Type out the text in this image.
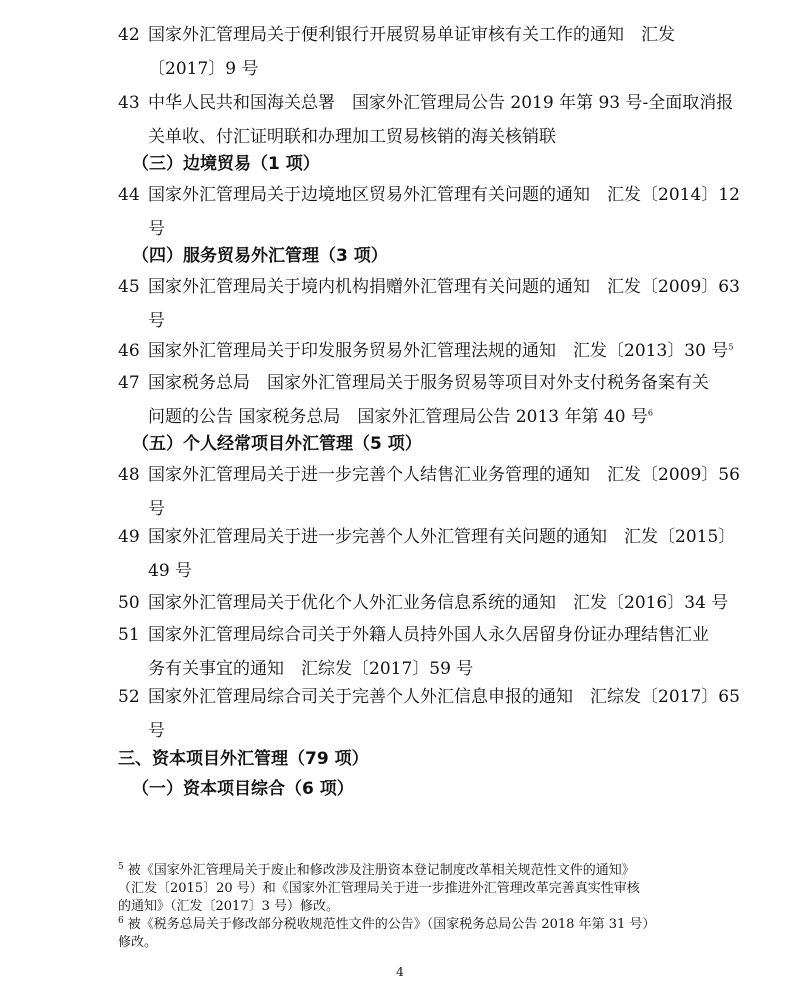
42 国家外汇管理局关于便利银行开展贸易单证审核有关工作的通知　汇发
〔2017〕9 号
43 中华人民共和国海关总署　国家外汇管理局公告 2019 年第 93 号-全面取消报
关单收、付汇证明联和办理加工贸易核销的海关核销联
（三）边境贸易（1 项）
44 国家外汇管理局关于边境地区贸易外汇管理有关问题的通知　汇发〔2014〕12
号
（四）服务贸易外汇管理（3 项）
45 国家外汇管理局关于境内机构捐赠外汇管理有关问题的通知　汇发〔2009〕63
号
46 国家外汇管理局关于印发服务贸易外汇管理法规的通知　汇发〔2013〕30 号$^5$
47 国家税务总局　国家外汇管理局关于服务贸易等项目对外支付税务备案有关
问题的公告 国家税务总局　国家外汇管理局公告 2013 年第 40 号$^6$
（五）个人经常项目外汇管理（5 项）
48 国家外汇管理局关于进一步完善个人结售汇业务管理的通知　汇发〔2009〕56
号
49 国家外汇管理局关于进一步完善个人外汇管理有关问题的通知　汇发〔2015〕
49 号
50 国家外汇管理局关于优化个人外汇业务信息系统的通知　汇发〔2016〕34 号
51 国家外汇管理局综合司关于外籍人员持外国人永久居留身份证办理结售汇业
务有关事宜的通知　汇综发〔2017〕59 号
52 国家外汇管理局综合司关于完善个人外汇信息申报的通知　汇综发〔2017〕65
号
三、资本项目外汇管理（79 项）
（一）资本项目综合（6 项）
$^5$ 被《国家外汇管理局关于废止和修改涉及注册资本登记制度改革相关规范性文件的通知》
（汇发〔2015〕20 号）和《国家外汇管理局关于进一步推进外汇管理改革完善真实性审核
的通知》（汇发〔2017〕3 号）修改。
$^6$ 被《税务总局关于修改部分税收规范性文件的公告》（国家税务总局公告 2018 年第 31 号）
修改。
4
